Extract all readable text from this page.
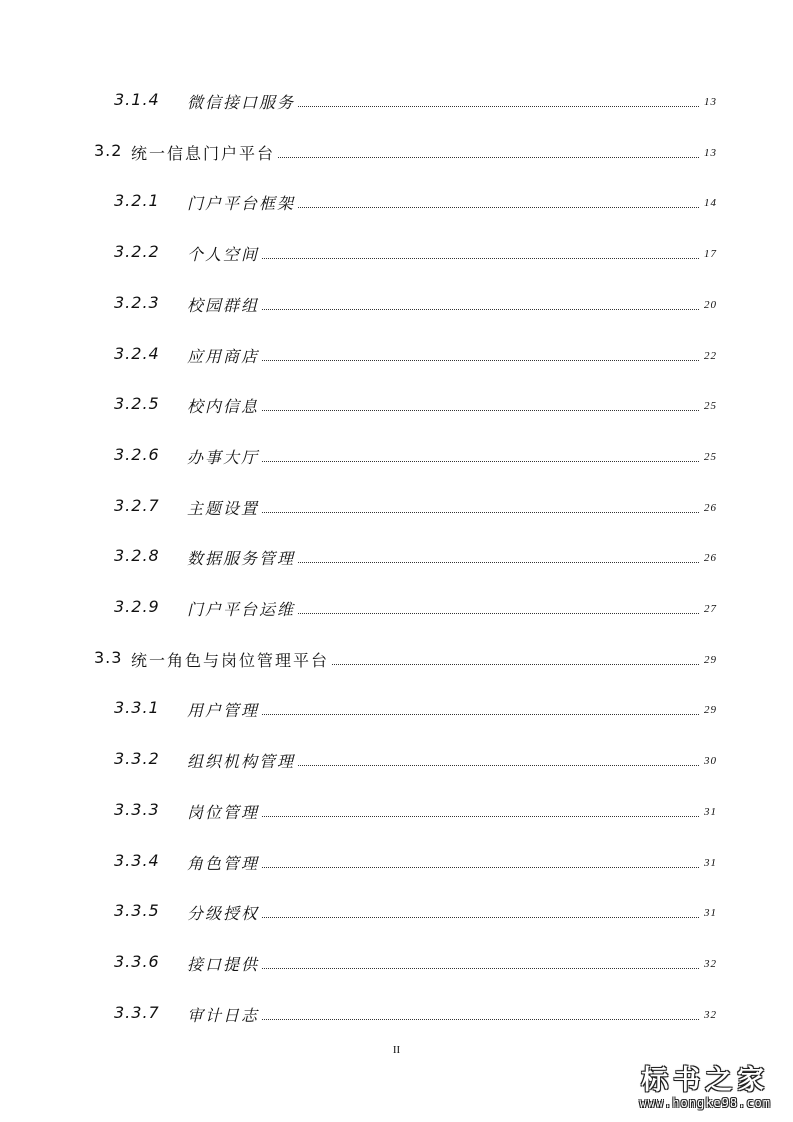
3.1.4 微信接口服务	13
3.2 统一信息门户平台	13
3.2.1 门户平台框架	14
3.2.2 个人空间	17
3.2.3 校园群组	20
3.2.4 应用商店	22
3.2.5 校内信息	25
3.2.6 办事大厅	25
3.2.7 主题设置	26
3.2.8 数据服务管理	26
3.2.9 门户平台运维	27
3.3 统一角色与岗位管理平台	29
3.3.1 用户管理	29
3.3.2 组织机构管理	30
3.3.3 岗位管理	31
3.3.4 角色管理	31
3.3.5 分级授权	31
3.3.6 接口提供	32
3.3.7 审计日志	32
II
标书之家
www.hongke98.com
